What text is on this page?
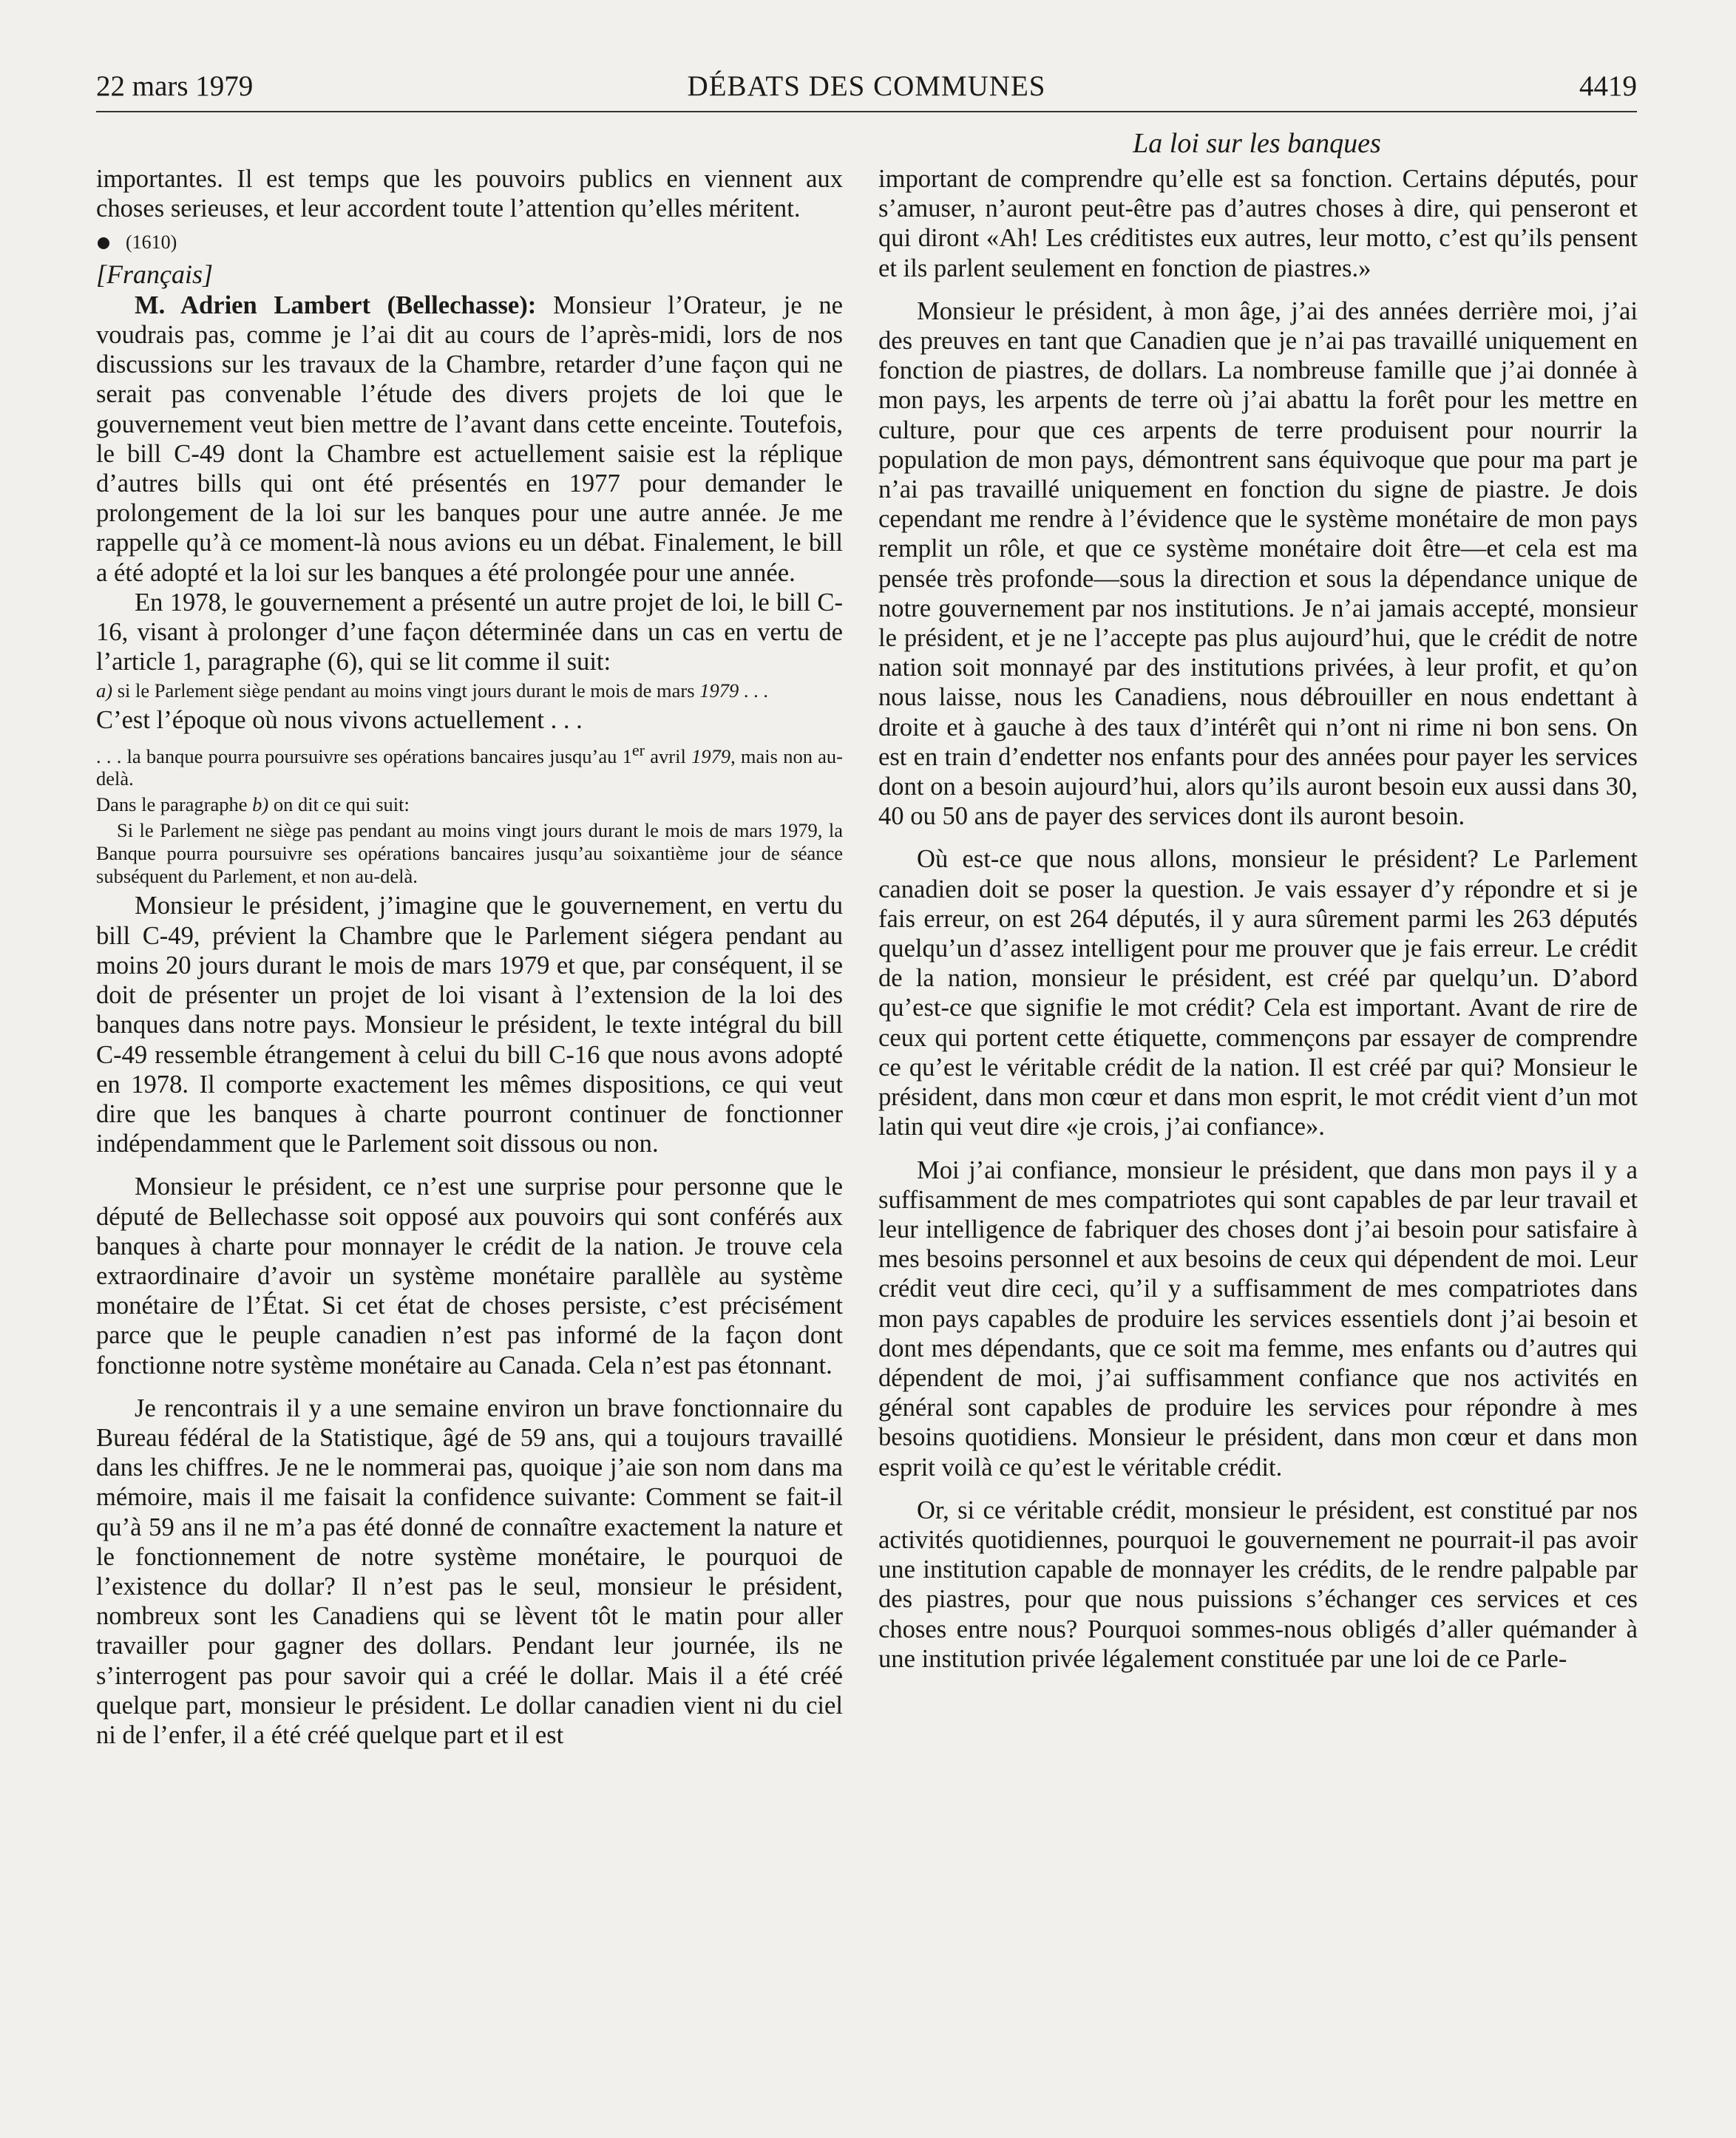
22 mars 1979	DÉBATS DES COMMUNES	4419
La loi sur les banques

importantes. Il est temps que les pouvoirs publics en viennent aux choses serieuses, et leur accordent toute l’attention qu’elles méritent.

(1610)
[Français]

M. Adrien Lambert (Bellechasse): Monsieur l’Orateur, je ne voudrais pas, comme je l’ai dit au cours de l’après-midi, lors de nos discussions sur les travaux de la Chambre, retarder d’une façon qui ne serait pas convenable l’étude des divers projets de loi que le gouvernement veut bien mettre de l’avant dans cette enceinte. Toutefois, le bill C-49 dont la Chambre est actuellement saisie est la réplique d’autres bills qui ont été présentés en 1977 pour demander le prolongement de la loi sur les banques pour une autre année. Je me rappelle qu’à ce moment-là nous avions eu un débat. Finalement, le bill a été adopté et la loi sur les banques a été prolongée pour une année.

En 1978, le gouvernement a présenté un autre projet de loi, le bill C-16, visant à prolonger d’une façon déterminée dans un cas en vertu de l’article 1, paragraphe (6), qui se lit comme il suit:

a) si le Parlement siège pendant au moins vingt jours durant le mois de mars 1979 . . .

C’est l’époque où nous vivons actuellement . . .

. . . la banque pourra poursuivre ses opérations bancaires jusqu’au 1er avril 1979, mais non au-delà.
Dans le paragraphe b) on dit ce qui suit:
Si le Parlement ne siège pas pendant au moins vingt jours durant le mois de mars 1979, la Banque pourra poursuivre ses opérations bancaires jusqu’au soixantième jour de séance subséquent du Parlement, et non au-delà.

Monsieur le président, j’imagine que le gouvernement, en vertu du bill C-49, prévient la Chambre que le Parlement siégera pendant au moins 20 jours durant le mois de mars 1979 et que, par conséquent, il se doit de présenter un projet de loi visant à l’extension de la loi des banques dans notre pays. Monsieur le président, le texte intégral du bill C-49 ressemble étrangement à celui du bill C-16 que nous avons adopté en 1978. Il comporte exactement les mêmes dispositions, ce qui veut dire que les banques à charte pourront continuer de fonctionner indépendamment que le Parlement soit dissous ou non.

Monsieur le président, ce n’est une surprise pour personne que le député de Bellechasse soit opposé aux pouvoirs qui sont conférés aux banques à charte pour monnayer le crédit de la nation. Je trouve cela extraordinaire d’avoir un système monétaire parallèle au système monétaire de l’État. Si cet état de choses persiste, c’est précisément parce que le peuple canadien n’est pas informé de la façon dont fonctionne notre système monétaire au Canada. Cela n’est pas étonnant.

Je rencontrais il y a une semaine environ un brave fonctionnaire du Bureau fédéral de la Statistique, âgé de 59 ans, qui a toujours travaillé dans les chiffres. Je ne le nommerai pas, quoique j’aie son nom dans ma mémoire, mais il me faisait la confidence suivante: Comment se fait-il qu’à 59 ans il ne m’a pas été donné de connaître exactement la nature et le fonctionnement de notre système monétaire, le pourquoi de l’existence du dollar? Il n’est pas le seul, monsieur le président, nombreux sont les Canadiens qui se lèvent tôt le matin pour aller travailler pour gagner des dollars. Pendant leur journée, ils ne s’interrogent pas pour savoir qui a créé le dollar. Mais il a été créé quelque part, monsieur le président. Le dollar canadien vient ni du ciel ni de l’enfer, il a été créé quelque part et il est

important de comprendre qu’elle est sa fonction. Certains députés, pour s’amuser, n’auront peut-être pas d’autres choses à dire, qui penseront et qui diront «Ah! Les créditistes eux autres, leur motto, c’est qu’ils pensent et ils parlent seulement en fonction de piastres.»

Monsieur le président, à mon âge, j’ai des années derrière moi, j’ai des preuves en tant que Canadien que je n’ai pas travaillé uniquement en fonction de piastres, de dollars. La nombreuse famille que j’ai donnée à mon pays, les arpents de terre où j’ai abattu la forêt pour les mettre en culture, pour que ces arpents de terre produisent pour nourrir la population de mon pays, démontrent sans équivoque que pour ma part je n’ai pas travaillé uniquement en fonction du signe de piastre. Je dois cependant me rendre à l’évidence que le système monétaire de mon pays remplit un rôle, et que ce système monétaire doit être—et cela est ma pensée très profonde—sous la direction et sous la dépendance unique de notre gouvernement par nos institutions. Je n’ai jamais accepté, monsieur le président, et je ne l’accepte pas plus aujourd’hui, que le crédit de notre nation soit monnayé par des institutions privées, à leur profit, et qu’on nous laisse, nous les Canadiens, nous débrouiller en nous endettant à droite et à gauche à des taux d’intérêt qui n’ont ni rime ni bon sens. On est en train d’endetter nos enfants pour des années pour payer les services dont on a besoin aujourd’hui, alors qu’ils auront besoin eux aussi dans 30, 40 ou 50 ans de payer des services dont ils auront besoin.

Où est-ce que nous allons, monsieur le président? Le Parlement canadien doit se poser la question. Je vais essayer d’y répondre et si je fais erreur, on est 264 députés, il y aura sûrement parmi les 263 députés quelqu’un d’assez intelligent pour me prouver que je fais erreur. Le crédit de la nation, monsieur le président, est créé par quelqu’un. D’abord qu’est-ce que signifie le mot crédit? Cela est important. Avant de rire de ceux qui portent cette étiquette, commençons par essayer de comprendre ce qu’est le véritable crédit de la nation. Il est créé par qui? Monsieur le président, dans mon cœur et dans mon esprit, le mot crédit vient d’un mot latin qui veut dire «je crois, j’ai confiance».

Moi j’ai confiance, monsieur le président, que dans mon pays il y a suffisamment de mes compatriotes qui sont capables de par leur travail et leur intelligence de fabriquer des choses dont j’ai besoin pour satisfaire à mes besoins personnel et aux besoins de ceux qui dépendent de moi. Leur crédit veut dire ceci, qu’il y a suffisamment de mes compatriotes dans mon pays capables de produire les services essentiels dont j’ai besoin et dont mes dépendants, que ce soit ma femme, mes enfants ou d’autres qui dépendent de moi, j’ai suffisamment confiance que nos activités en général sont capables de produire les services pour répondre à mes besoins quotidiens. Monsieur le président, dans mon cœur et dans mon esprit voilà ce qu’est le véritable crédit.

Or, si ce véritable crédit, monsieur le président, est constitué par nos activités quotidiennes, pourquoi le gouvernement ne pourrait-il pas avoir une institution capable de monnayer les crédits, de le rendre palpable par des piastres, pour que nous puissions s’échanger ces services et ces choses entre nous? Pourquoi sommes-nous obligés d’aller quémander à une institution privée légalement constituée par une loi de ce Parle-
